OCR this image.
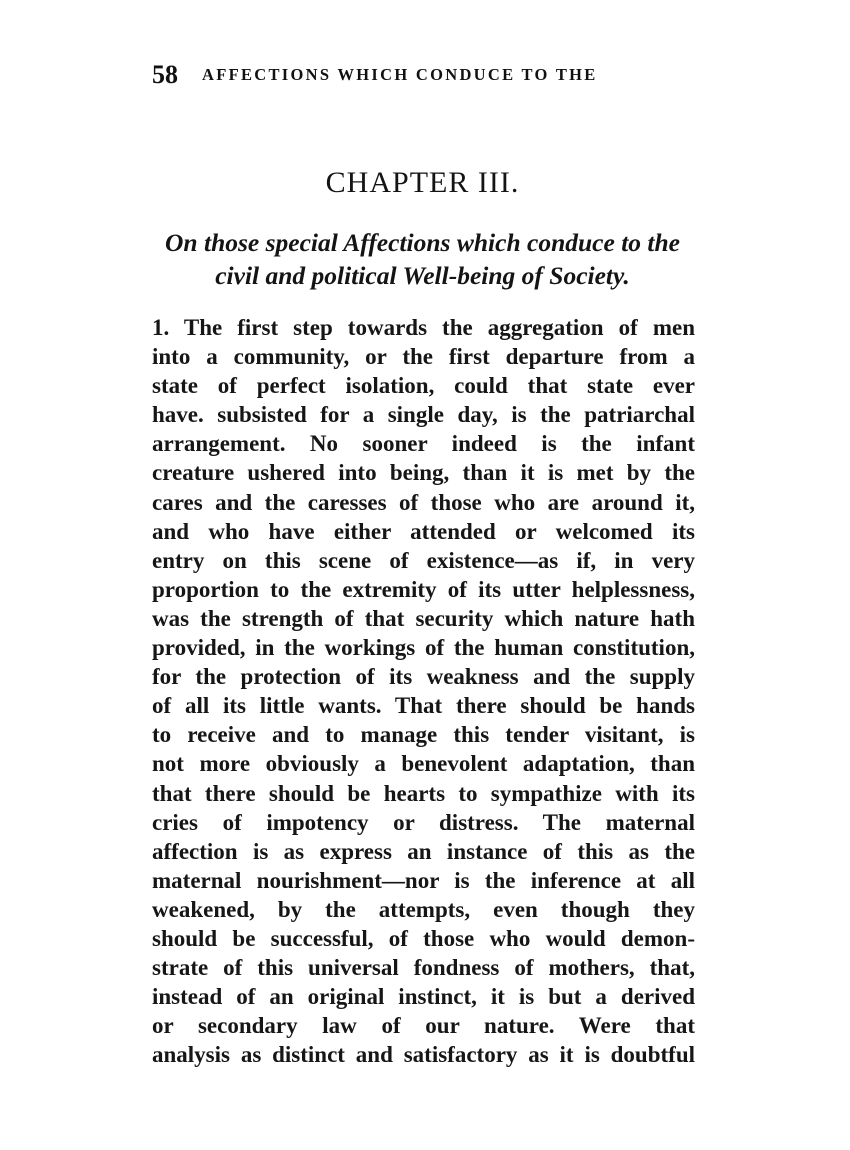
58 AFFECTIONS WHICH CONDUCE TO THE
CHAPTER III.
On those special Affections which conduce to the
civil and political Well-being of Society.
1. The first step towards the aggregation of men
into a community, or the first departure from a
state of perfect isolation, could that state ever
have. subsisted for a single day, is the patriarchal
arrangement. No sooner indeed is the infant
creature ushered into being, than it is met by the
cares and the caresses of those who are around it,
and who have either attended or welcomed its
entry on this scene of existence—as if, in very
proportion to the extremity of its utter helplessness,
was the strength of that security which nature hath
provided, in the workings of the human constitution,
for the protection of its weakness and the supply
of all its little wants. That there should be hands
to receive and to manage this tender visitant, is
not more obviously a benevolent adaptation, than
that there should be hearts to sympathize with its
cries of impotency or distress. The maternal
affection is as express an instance of this as the
maternal nourishment—nor is the inference at all
weakened, by the attempts, even though they
should be successful, of those who would demon-
strate of this universal fondness of mothers, that,
instead of an original instinct, it is but a derived
or secondary law of our nature. Were that
analysis as distinct and satisfactory as it is doubtful
